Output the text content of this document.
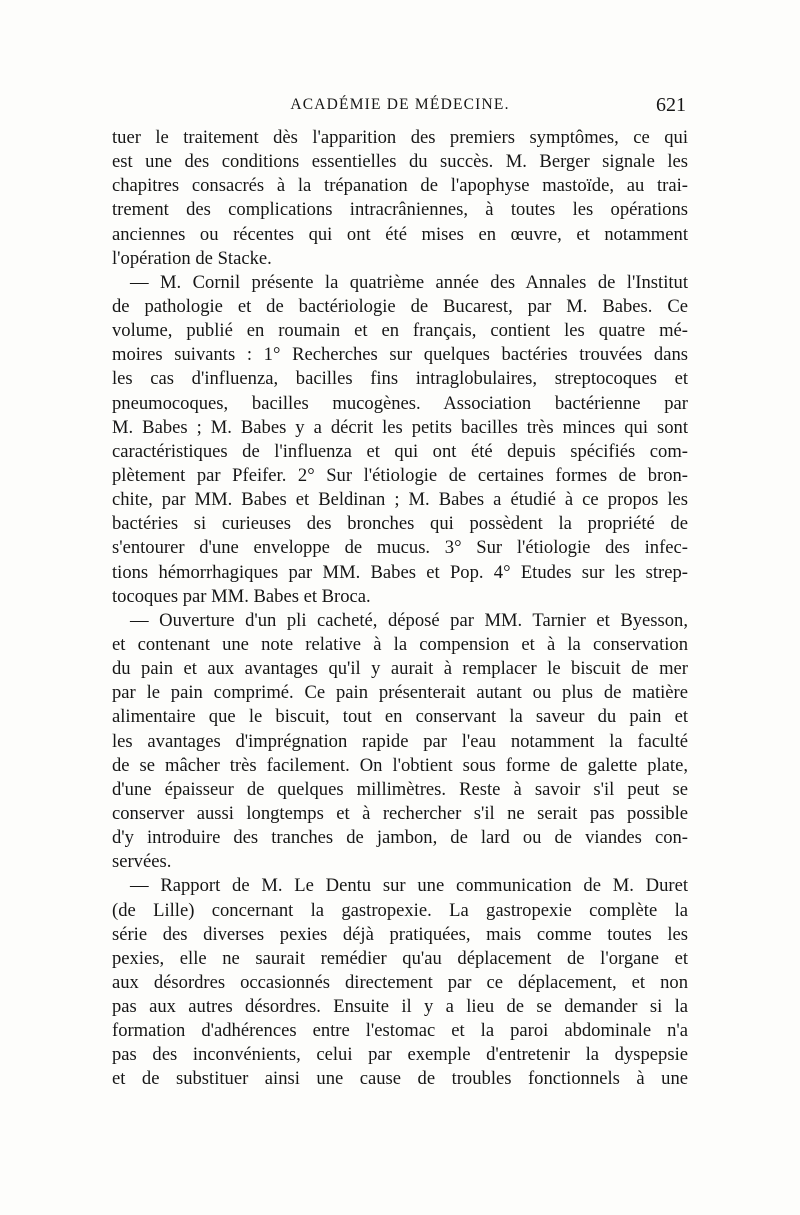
ACADÉMIE DE MÉDECINE.	621
tuer le traitement dès l'apparition des premiers symptômes, ce qui
est une des conditions essentielles du succès. M. Berger signale les
chapitres consacrés à la trépanation de l'apophyse mastoïde, au trai-
trement des complications intracrâniennes, à toutes les opérations
anciennes ou récentes qui ont été mises en œuvre, et notamment
l'opération de Stacke.
— M. Cornil présente la quatrième année des Annales de l'Institut
de pathologie et de bactériologie de Bucarest, par M. Babes. Ce
volume, publié en roumain et en français, contient les quatre mé-
moires suivants : 1° Recherches sur quelques bactéries trouvées dans
les cas d'influenza, bacilles fins intraglobulaires, streptocoques et
pneumocoques, bacilles mucogènes. Association bactérienne par
M. Babes ; M. Babes y a décrit les petits bacilles très minces qui sont
caractéristiques de l'influenza et qui ont été depuis spécifiés com-
plètement par Pfeifer. 2° Sur l'étiologie de certaines formes de bron-
chite, par MM. Babes et Beldinan ; M. Babes a étudié à ce propos les
bactéries si curieuses des bronches qui possèdent la propriété de
s'entourer d'une enveloppe de mucus. 3° Sur l'étiologie des infec-
tions hémorrhagiques par MM. Babes et Pop. 4° Etudes sur les strep-
tocoques par MM. Babes et Broca.
— Ouverture d'un pli cacheté, déposé par MM. Tarnier et Byesson,
et contenant une note relative à la compension et à la conservation
du pain et aux avantages qu'il y aurait à remplacer le biscuit de mer
par le pain comprimé. Ce pain présenterait autant ou plus de matière
alimentaire que le biscuit, tout en conservant la saveur du pain et
les avantages d'imprégnation rapide par l'eau notamment la faculté
de se mâcher très facilement. On l'obtient sous forme de galette plate,
d'une épaisseur de quelques millimètres. Reste à savoir s'il peut se
conserver aussi longtemps et à rechercher s'il ne serait pas possible
d'y introduire des tranches de jambon, de lard ou de viandes con-
servées.
— Rapport de M. Le Dentu sur une communication de M. Duret
(de Lille) concernant la gastropexie. La gastropexie complète la
série des diverses pexies déjà pratiquées, mais comme toutes les
pexies, elle ne saurait remédier qu'au déplacement de l'organe et
aux désordres occasionnés directement par ce déplacement, et non
pas aux autres désordres. Ensuite il y a lieu de se demander si la
formation d'adhérences entre l'estomac et la paroi abdominale n'a
pas des inconvénients, celui par exemple d'entretenir la dyspepsie
et de substituer ainsi une cause de troubles fonctionnels à une
